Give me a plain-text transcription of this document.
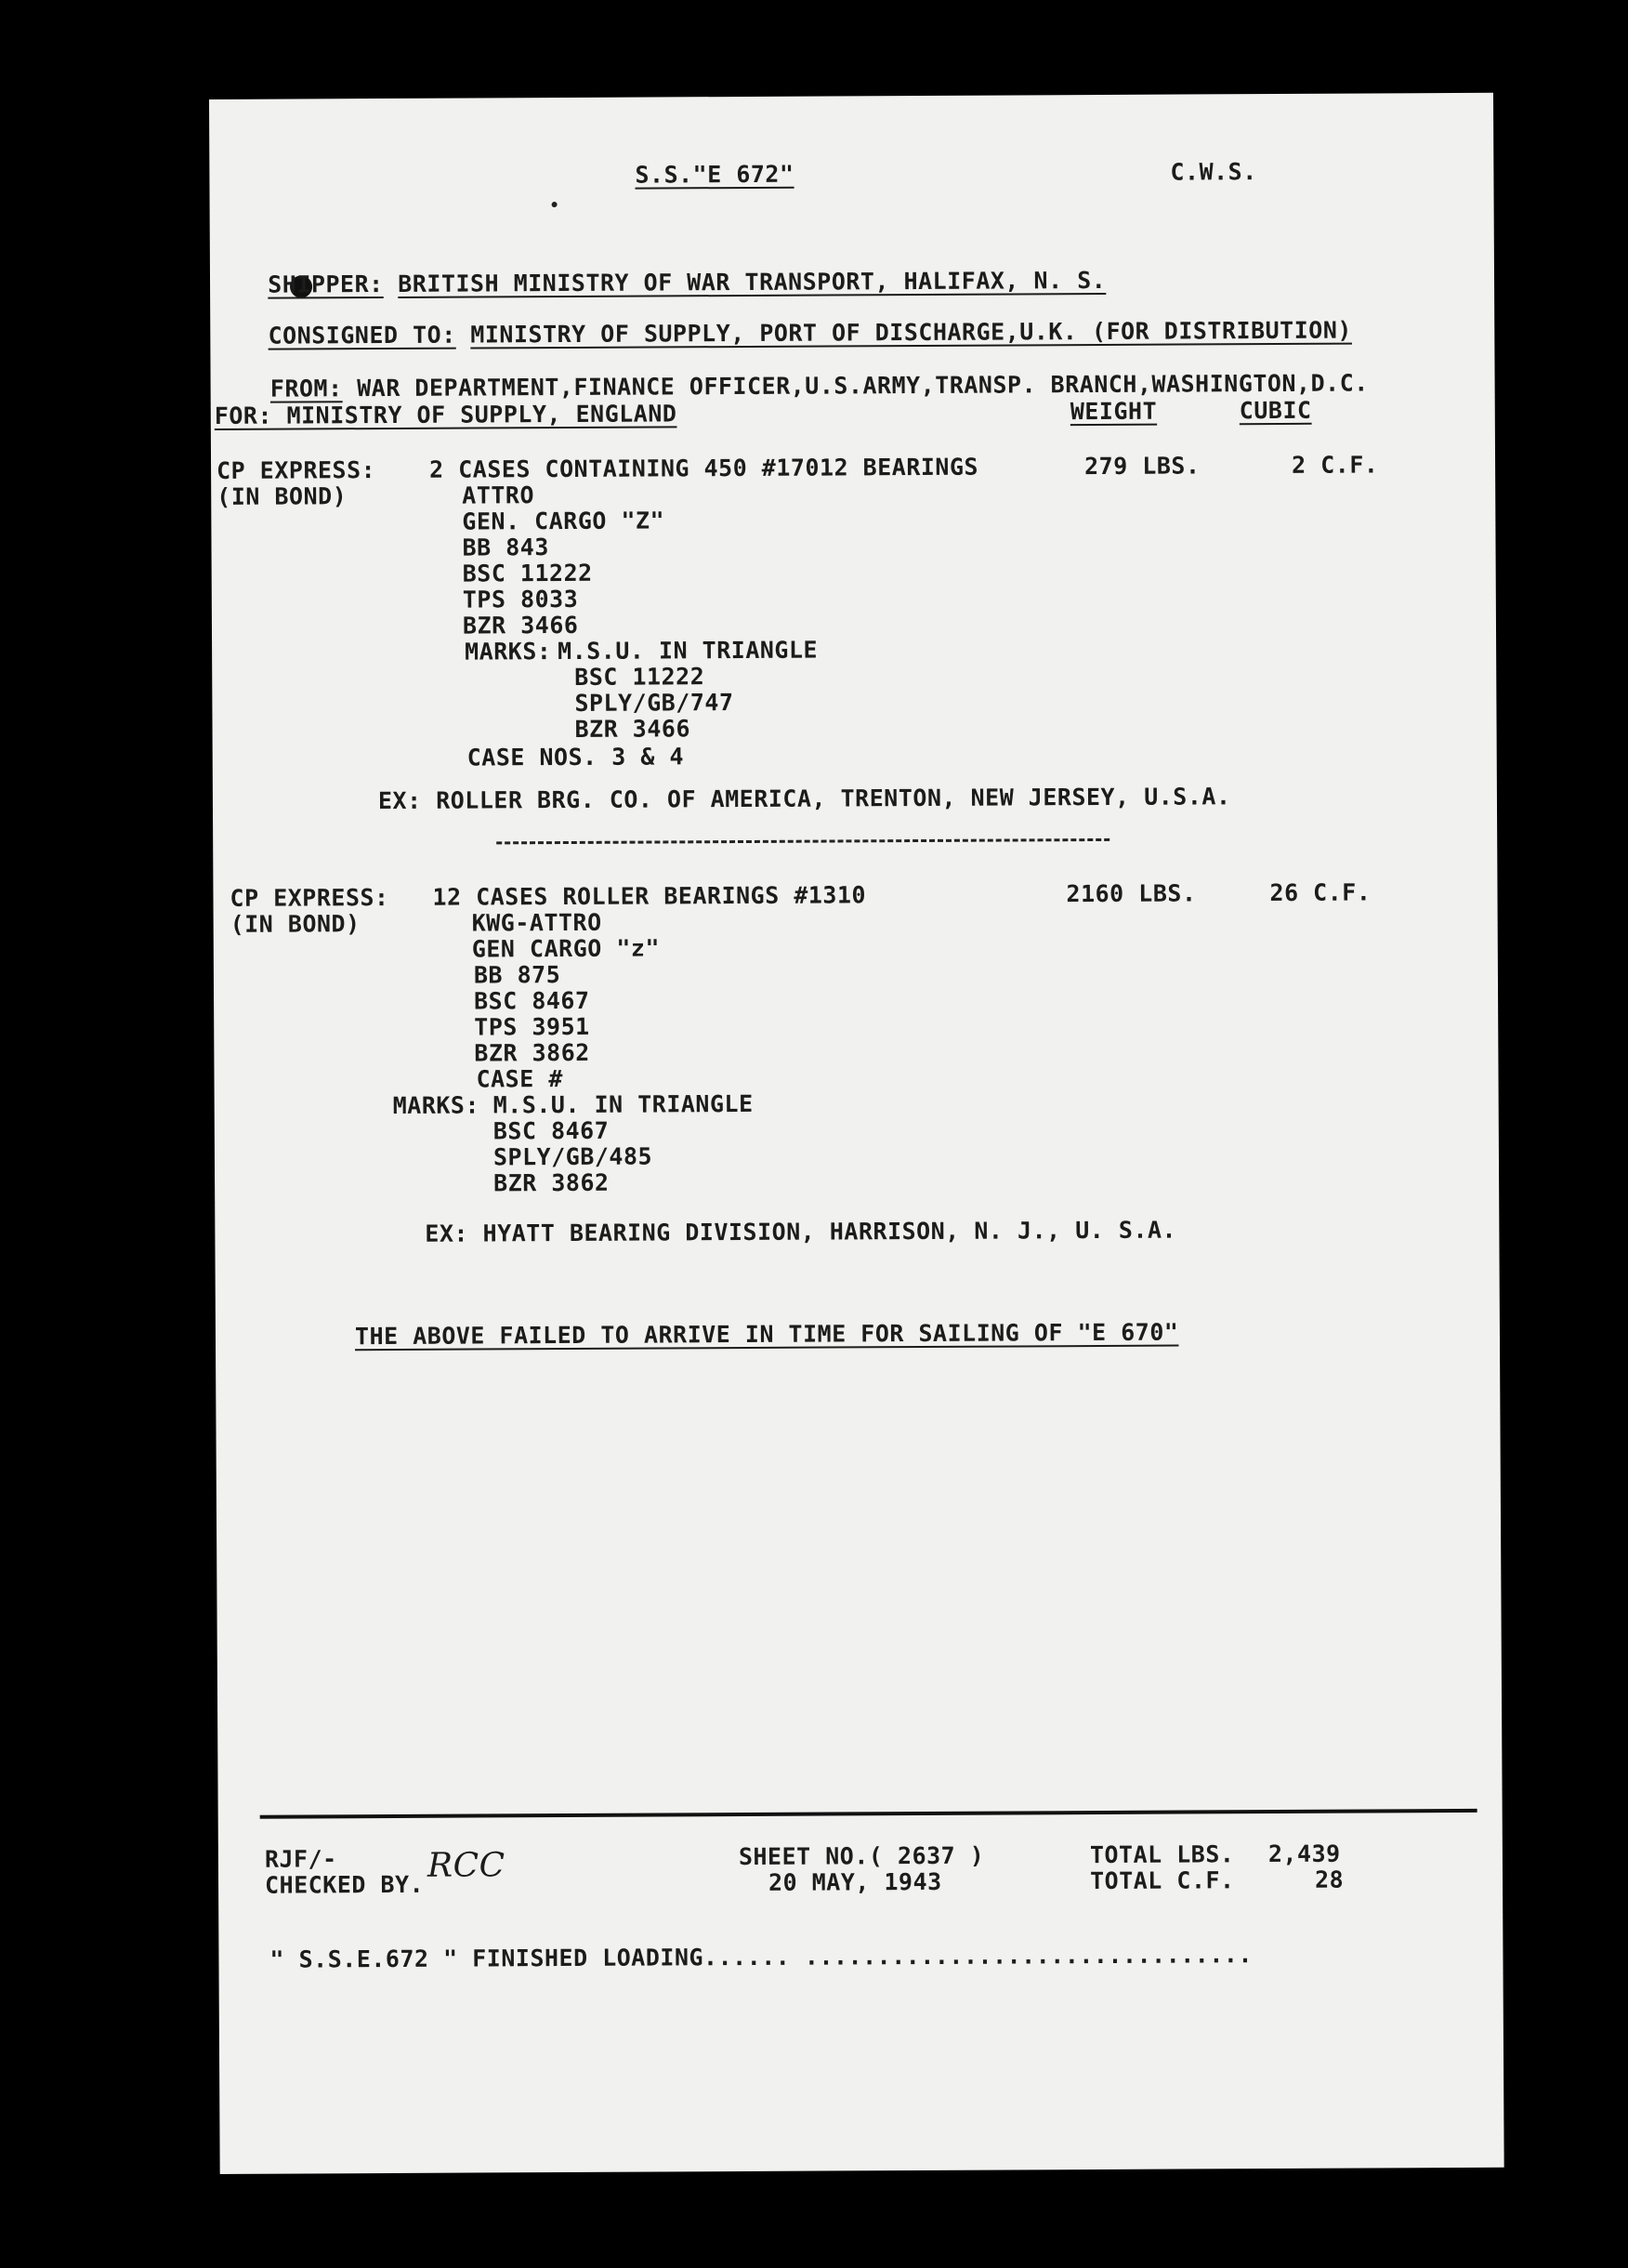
S.S."E 672"	C.W.S.

SHIPPER: BRITISH MINISTRY OF WAR TRANSPORT, HALIFAX, N. S.

CONSIGNED TO: MINISTRY OF SUPPLY, PORT OF DISCHARGE,U.K. (FOR DISTRIBUTION)

FROM: WAR DEPARTMENT,FINANCE OFFICER,U.S.ARMY,TRANSP. BRANCH,WASHINGTON,D.C.

FOR: MINISTRY OF SUPPLY, ENGLAND	WEIGHT	CUBIC
CP EXPRESS:
(IN BOND)
2 CASES CONTAINING 450 #17012 BEARINGS	279 LBS.	2 C.F.
ATTRO
GEN. CARGO "Z"
BB 843
BSC 11222
TPS 8033
BZR 3466
MARKS: M.S.U. IN TRIANGLE
BSC 11222
SPLY/GB/747
BZR 3466
CASE NOS. 3 & 4
EX: ROLLER BRG. CO. OF AMERICA, TRENTON, NEW JERSEY, U.S.A.
CP EXPRESS:
(IN BOND)
12 CASES ROLLER BEARINGS #1310	2160 LBS.	26 C.F.
KWG-ATTRO
GEN CARGO "z"
BB 875
BSC 8467
TPS 3951
BZR 3862
CASE #
MARKS: M.S.U. IN TRIANGLE
BSC 8467
SPLY/GB/485
BZR 3862
EX: HYATT BEARING DIVISION, HARRISON, N. J., U. S.A.
THE ABOVE FAILED TO ARRIVE IN TIME FOR SAILING OF "E 670"
RJF/-
CHECKED BY. RCC	SHEET NO.( 2637 )
20 MAY, 1943
TOTAL LBS. 2,439
TOTAL C.F.	28
" S.S.E.672 " FINISHED LOADING...... ...............................
